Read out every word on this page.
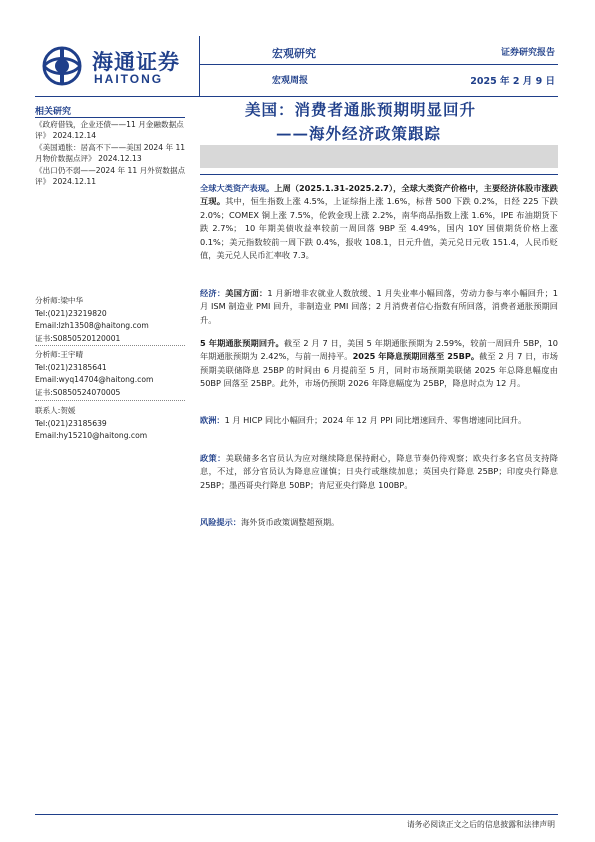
海通证券
HAITONG
宏观研究
宏观周报
证券研究报告
2025 年 2 月 9 日
相关研究
《政府借钱，企业还债——11 月金融数据点评》 2024.12.14
《美国通胀：居高不下——美国 2024 年 11 月物价数据点评》 2024.12.13
《出口仍不弱——2024 年 11 月外贸数据点评》 2024.12.11
分析师:梁中华
Tel:(021)23219820
Email:lzh13508@haitong.com
证书:S0850520120001
分析师:王宇晴
Tel:(021)23185641
Email:wyq14704@haitong.com
证书:S0850524070005
联系人:贺媛
Tel:(021)23185639
Email:hy15210@haitong.com
美国：消费者通胀预期明显回升
——海外经济政策跟踪
全球大类资产表现。上周（2025.1.31-2025.2.7），全球大类资产价格中，主要经济体股市涨跌互现。其中，恒生指数上涨 4.5%，上证综指上涨 1.6%，标普 500 下跌 0.2%，日经 225 下跌 2.0%；COMEX 铜上涨 7.5%，伦敦金现上涨 2.2%，南华商品指数上涨 1.6%，IPE 布油期货下跌 2.7%； 10 年期美债收益率较前一周回落 9BP 至 4.49%，国内 10Y 国债期货价格上涨 0.1%；美元指数较前一周下跌 0.4%，报收 108.1，日元升值，美元兑日元收 151.4，人民币贬值，美元兑人民币汇率收 7.3。
经济：美国方面：1 月新增非农就业人数放缓、1 月失业率小幅回落，劳动力参与率小幅回升；1 月 ISM 制造业 PMI 回升，非制造业 PMI 回落；2 月消费者信心指数有所回落，消费者通胀预期回升。
5 年期通胀预期回升。截至 2 月 7 日，美国 5 年期通胀预期为 2.59%，较前一周回升 5BP，10 年期通胀预期为 2.42%，与前一周持平。2025 年降息预期回落至 25BP。截至 2 月 7 日，市场预期美联储降息 25BP 的时间由 6 月提前至 5 月，同时市场预期美联储 2025 年总降息幅度由 50BP 回落至 25BP。此外，市场仍预期 2026 年降息幅度为 25BP，降息时点为 12 月。
欧洲：1 月 HICP 同比小幅回升；2024 年 12 月 PPI 同比增速回升、零售增速同比回升。
政策：美联储多名官员认为应对继续降息保持耐心，降息节奏仍待观察；欧央行多名官员支持降息，不过，部分官员认为降息应谨慎；日央行或继续加息；英国央行降息 25BP；印度央行降息 25BP；墨西哥央行降息 50BP；肯尼亚央行降息 100BP。
风险提示：海外货币政策调整超预期。
请务必阅读正文之后的信息披露和法律声明
